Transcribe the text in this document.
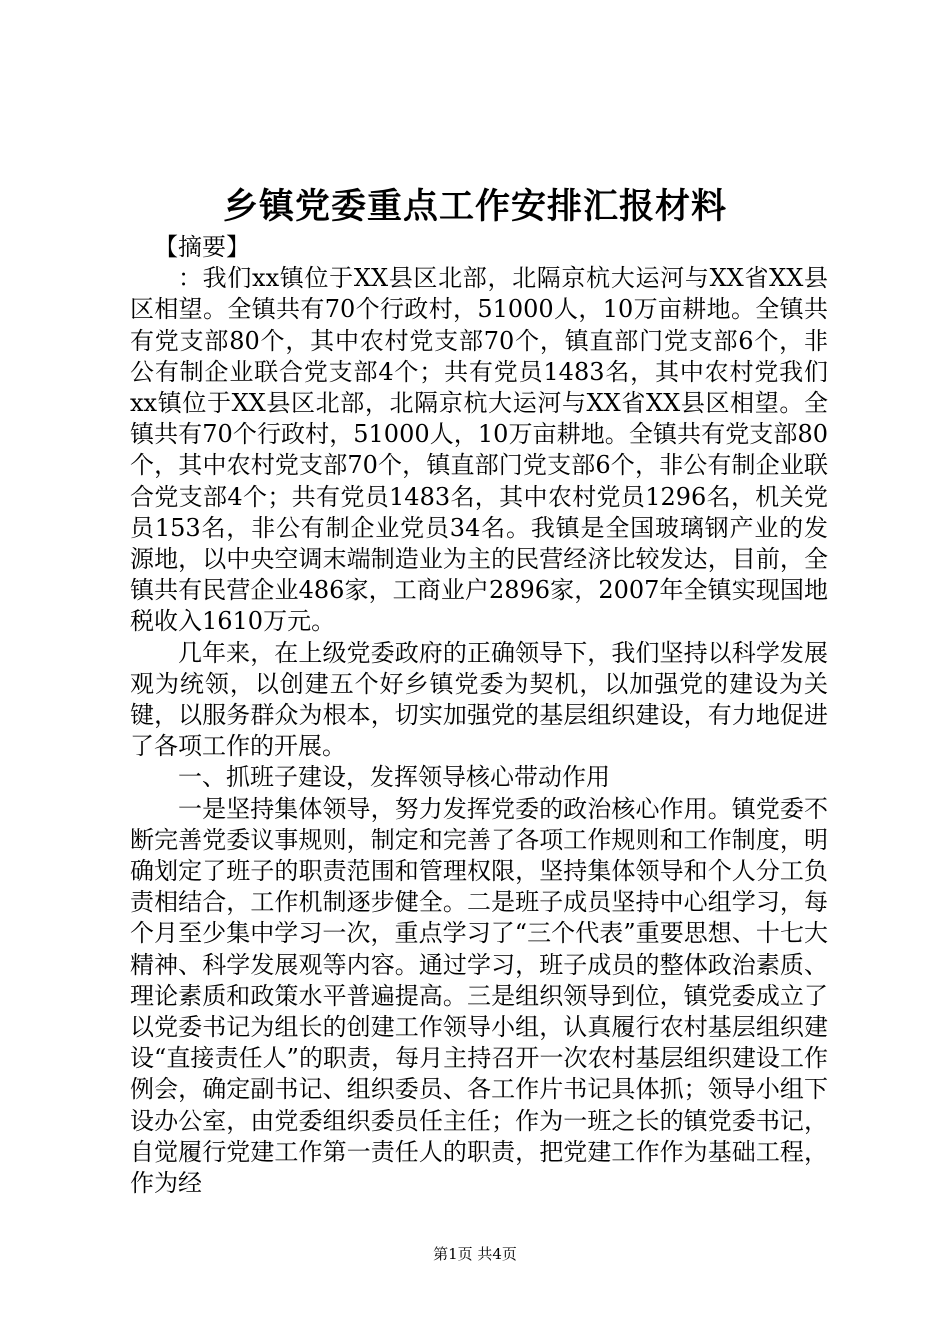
乡镇党委重点工作安排汇报材料

【摘要】

：我们xx镇位于XX县区北部，北隔京杭大运河与XX省XX县区相望。全镇共有70个行政村，51000人，10万亩耕地。全镇共有党支部80个，其中农村党支部70个，镇直部门党支部6个，非公有制企业联合党支部4个；共有党员1483名，其中农村党我们xx镇位于XX县区北部，北隔京杭大运河与XX省XX县区相望。全镇共有70个行政村，51000人，10万亩耕地。全镇共有党支部80个，其中农村党支部70个，镇直部门党支部6个，非公有制企业联合党支部4个；共有党员1483名，其中农村党员1296名，机关党员153名，非公有制企业党员34名。我镇是全国玻璃钢产业的发源地，以中央空调末端制造业为主的民营经济比较发达，目前，全镇共有民营企业486家，工商业户2896家，2007年全镇实现国地税收入1610万元。

几年来，在上级党委政府的正确领导下，我们坚持以科学发展观为统领，以创建五个好乡镇党委为契机，以加强党的建设为关键，以服务群众为根本，切实加强党的基层组织建设，有力地促进了各项工作的开展。

一、抓班子建设，发挥领导核心带动作用

一是坚持集体领导，努力发挥党委的政治核心作用。镇党委不断完善党委议事规则，制定和完善了各项工作规则和工作制度，明确划定了班子的职责范围和管理权限，坚持集体领导和个人分工负责相结合，工作机制逐步健全。二是班子成员坚持中心组学习，每个月至少集中学习一次，重点学习了“三个代表”重要思想、十七大精神、科学发展观等内容。通过学习，班子成员的整体政治素质、理论素质和政策水平普遍提高。三是组织领导到位，镇党委成立了以党委书记为组长的创建工作领导小组，认真履行农村基层组织建设“直接责任人”的职责，每月主持召开一次农村基层组织建设工作例会，确定副书记、组织委员、各工作片书记具体抓；领导小组下设办公室，由党委组织委员任主任；作为一班之长的镇党委书记，自觉履行党建工作第一责任人的职责，把党建工作作为基础工程，作为经

第1页 共4页
